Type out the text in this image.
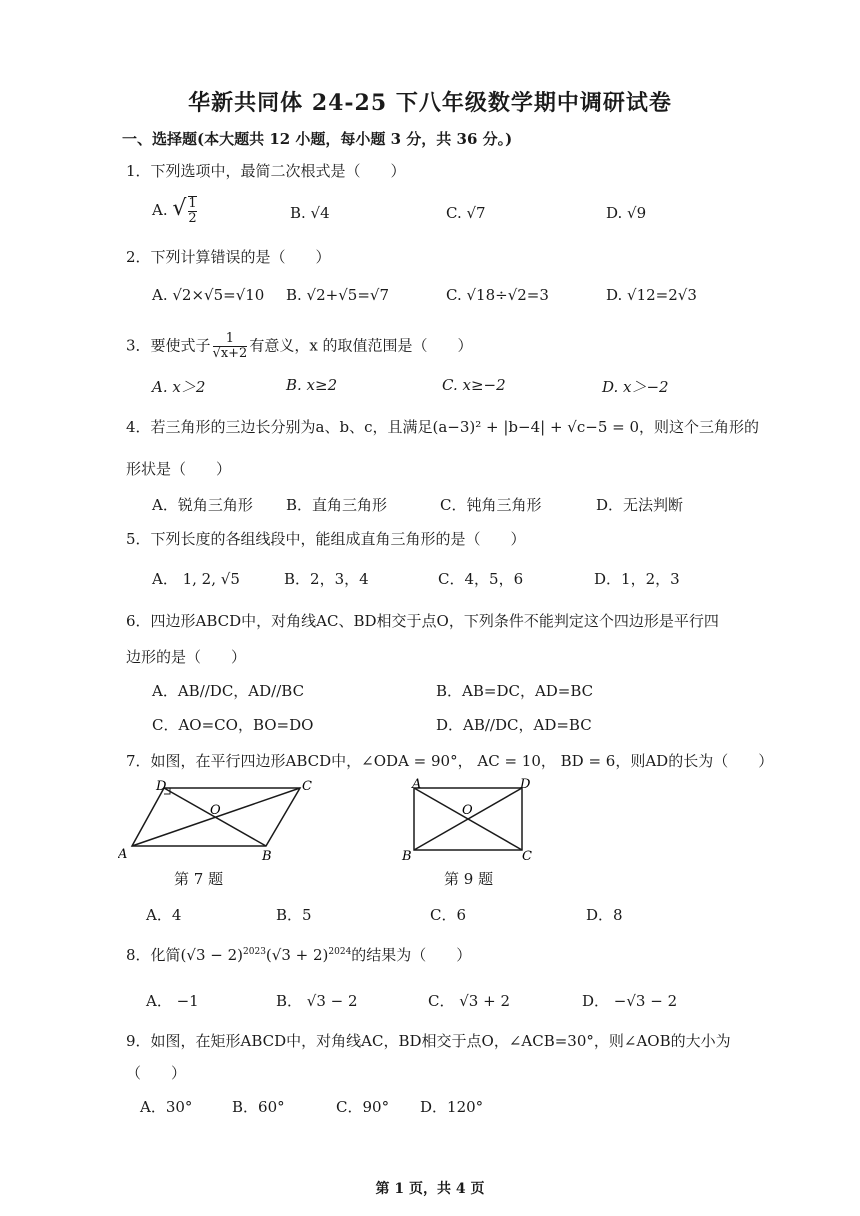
华新共同体 24-25 下八年级数学期中调研试卷
一、选择题(本大题共 12 小题，每小题 3 分，共 36 分。)
1．下列选项中，最简二次根式是（　　）
A. √ $\frac{1}{2}$	B. √4	C. √7	D. √9
2．下列计算错误的是（　　）
A. √2×√5=√10 B. √2+√5=√7	C. √18÷√2=3	D. √12=2√3
3．要使式子 $\frac{1}{√x+2}$ 有意义，x 的取值范围是（　　）
A. x＞2	B. x≥2	C. x≥−2	D. x＞−2
4．若三角形的三边长分别为a、b、c，且满足(a−3)² + |b−4| + √c−5 = 0，则这个三角形的
形状是（　　）
A．锐角三角形 B．直角三角形	C．钝角三角形	D．无法判断
5．下列长度的各组线段中，能组成直角三角形的是（　　）
A． 1, 2, √5	B．2，3，4	C．4，5，6	D．1，2，3
6．四边形ABCD中，对角线AC、BD相交于点O，下列条件不能判定这个四边形是平行四
边形的是（　　）
A．AB//DC，AD//BC	B．AB=DC，AD=BC
C．AO=CO，BO=DO	D．AB//DC，AD=BC
7．如图，在平行四边形ABCD中，∠ODA = 90°， AC = 10， BD = 6，则AD的长为（　　）
A
D	C
B
O
第 7 题
A	D
B	C
O
第 9 题
A．4	B．5	C．6	D．8
8．化简$(√3 - 2)^{2023}(√3 + 2)^{2024}$的结果为（　　）
A． −1	B． √3 − 2	C． √3 + 2	D． −√3 − 2
9．如图，在矩形ABCD中，对角线AC，BD相交于点O，∠ACB=30°，则∠AOB的大小为
（　　）
A．30°	B．60°	C．90° D．120°
第 1 页，共 4 页
